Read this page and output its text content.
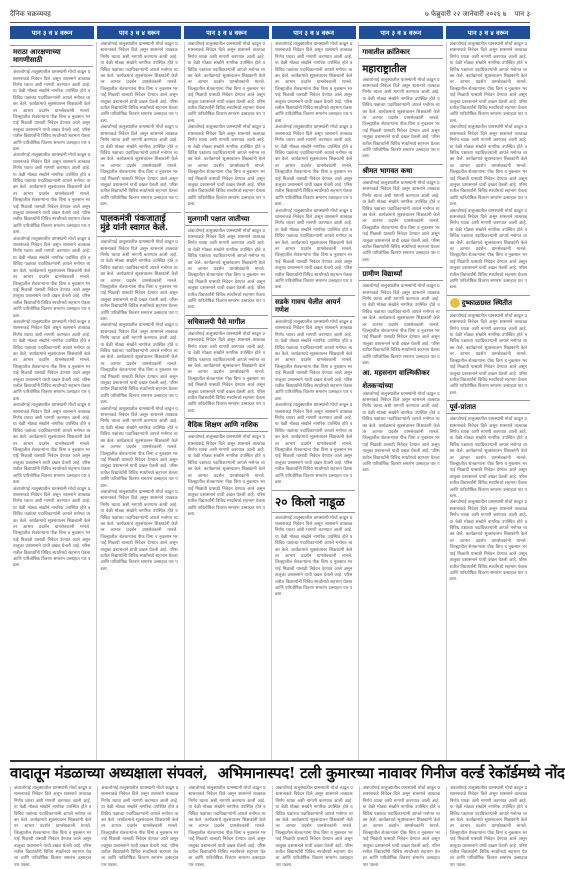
दैनिक चक्रव्यवह	७ फेब्रुवारी २२ जानेवारी २०२६ ७ पान ३
पान ३ व ४ वरून	पान ३ व ४ वरून	पान ३ व ४ वरून	पान ३ व ४ वरून	पान ३ व ४ वरून	पान ३ व ४ वरून
मराठा आरक्षणाच्या मागणीसाठी
अंबाजोगाई तालुक्यातील ग्रामस्थांनी मोर्चा काढून प्रशासनाकडे निवेदन दिले असून शासनाने तात्काळ निर्णय घ्यावा अशी मागणी करण्यात आली आहे. या वेळी मोठ्या संख्येने नागरिक उपस्थित होते व विविध पक्षांच्या पदाधिकाऱ्यांनी आपले मनोगत व्यक्त केले. कार्यक्रमाचे सूत्रसंचालन शिक्षकांनी केले तर आभार प्रदर्शन ग्रामसेवकांनी मानले. जिल्ह्यातील शेतकऱ्यांना पीक विमा व नुकसान भरपाई मिळावी यासाठी निवेदन देण्यात आले असून तालुका प्रशासनाने याची दखल घेतली आहे. परिसरातील विद्यार्थ्यांनी विविध स्पर्धांमध्ये सहभाग घेतला आणि पारितोषिक वितरण समारंभ उत्साहात पार पडला.
अंबाजोगाई तालुक्यातील ग्रामस्थांनी मोर्चा काढून प्रशासनाकडे निवेदन दिले असून शासनाने तात्काळ निर्णय घ्यावा अशी मागणी करण्यात आली आहे. या वेळी मोठ्या संख्येने नागरिक उपस्थित होते व विविध पक्षांच्या पदाधिकाऱ्यांनी आपले मनोगत व्यक्त केले. कार्यक्रमाचे सूत्रसंचालन शिक्षकांनी केले तर आभार प्रदर्शन ग्रामसेवकांनी मानले. जिल्ह्यातील शेतकऱ्यांना पीक विमा व नुकसान भरपाई मिळावी यासाठी निवेदन देण्यात आले असून तालुका प्रशासनाने याची दखल घेतली आहे. परिसरातील विद्यार्थ्यांनी विविध स्पर्धांमध्ये सहभाग घेतला आणि पारितोषिक वितरण समारंभ उत्साहात पार पडला.
अंबाजोगाई तालुक्यातील ग्रामस्थांनी मोर्चा काढून प्रशासनाकडे निवेदन दिले असून शासनाने तात्काळ निर्णय घ्यावा अशी मागणी करण्यात आली आहे. या वेळी मोठ्या संख्येने नागरिक उपस्थित होते व विविध पक्षांच्या पदाधिकाऱ्यांनी आपले मनोगत व्यक्त केले. कार्यक्रमाचे सूत्रसंचालन शिक्षकांनी केले तर आभार प्रदर्शन ग्रामसेवकांनी मानले. जिल्ह्यातील शेतकऱ्यांना पीक विमा व नुकसान भरपाई मिळावी यासाठी निवेदन देण्यात आले असून तालुका प्रशासनाने याची दखल घेतली आहे. परिसरातील विद्यार्थ्यांनी विविध स्पर्धांमध्ये सहभाग घेतला आणि पारितोषिक वितरण समारंभ उत्साहात पार पडला.
अंबाजोगाई तालुक्यातील ग्रामस्थांनी मोर्चा काढून प्रशासनाकडे निवेदन दिले असून शासनाने तात्काळ निर्णय घ्यावा अशी मागणी करण्यात आली आहे. या वेळी मोठ्या संख्येने नागरिक उपस्थित होते व विविध पक्षांच्या पदाधिकाऱ्यांनी आपले मनोगत व्यक्त केले. कार्यक्रमाचे सूत्रसंचालन शिक्षकांनी केले तर आभार प्रदर्शन ग्रामसेवकांनी मानले. जिल्ह्यातील शेतकऱ्यांना पीक विमा व नुकसान भरपाई मिळावी यासाठी निवेदन देण्यात आले असून तालुका प्रशासनाने याची दखल घेतली आहे. परिसरातील विद्यार्थ्यांनी विविध स्पर्धांमध्ये सहभाग घेतला आणि पारितोषिक वितरण समारंभ उत्साहात पार पडला.
अंबाजोगाई तालुक्यातील ग्रामस्थांनी मोर्चा काढून प्रशासनाकडे निवेदन दिले असून शासनाने तात्काळ निर्णय घ्यावा अशी मागणी करण्यात आली आहे. या वेळी मोठ्या संख्येने नागरिक उपस्थित होते व विविध पक्षांच्या पदाधिकाऱ्यांनी आपले मनोगत व्यक्त केले. कार्यक्रमाचे सूत्रसंचालन शिक्षकांनी केले तर आभार प्रदर्शन ग्रामसेवकांनी मानले. जिल्ह्यातील शेतकऱ्यांना पीक विमा व नुकसान भरपाई मिळावी यासाठी निवेदन देण्यात आले असून तालुका प्रशासनाने याची दखल घेतली आहे. परिसरातील विद्यार्थ्यांनी विविध स्पर्धांमध्ये सहभाग घेतला आणि पारितोषिक वितरण समारंभ उत्साहात पार पडला.
अंबाजोगाई तालुक्यातील ग्रामस्थांनी मोर्चा काढून प्रशासनाकडे निवेदन दिले असून शासनाने तात्काळ निर्णय घ्यावा अशी मागणी करण्यात आली आहे. या वेळी मोठ्या संख्येने नागरिक उपस्थित होते व विविध पक्षांच्या पदाधिकाऱ्यांनी आपले मनोगत व्यक्त केले. कार्यक्रमाचे सूत्रसंचालन शिक्षकांनी केले तर आभार प्रदर्शन ग्रामसेवकांनी मानले. जिल्ह्यातील शेतकऱ्यांना पीक विमा व नुकसान भरपाई मिळावी यासाठी निवेदन देण्यात आले असून तालुका प्रशासनाने याची दखल घेतली आहे. परिसरातील विद्यार्थ्यांनी विविध स्पर्धांमध्ये सहभाग घेतला आणि पारितोषिक वितरण समारंभ उत्साहात पार पडला.
अंबाजोगाई तालुक्यातील ग्रामस्थांनी मोर्चा काढून प्रशासनाकडे निवेदन दिले असून शासनाने तात्काळ निर्णय घ्यावा अशी मागणी करण्यात आली आहे. या वेळी मोठ्या संख्येने नागरिक उपस्थित होते व विविध पक्षांच्या पदाधिकाऱ्यांनी आपले मनोगत व्यक्त केले. कार्यक्रमाचे सूत्रसंचालन शिक्षकांनी केले तर आभार प्रदर्शन ग्रामसेवकांनी मानले. जिल्ह्यातील शेतकऱ्यांना पीक विमा व नुकसान भरपाई मिळावी यासाठी निवेदन देण्यात आले असून तालुका प्रशासनाने याची दखल घेतली आहे. परिसरातील विद्यार्थ्यांनी विविध स्पर्धांमध्ये सहभाग घेतला आणि पारितोषिक वितरण समारंभ उत्साहात पार पडला.
अंबाजोगाई तालुक्यातील ग्रामस्थांनी मोर्चा काढून प्रशासनाकडे निवेदन दिले असून शासनाने तात्काळ निर्णय घ्यावा अशी मागणी करण्यात आली आहे. या वेळी मोठ्या संख्येने नागरिक उपस्थित होते व विविध पक्षांच्या पदाधिकाऱ्यांनी आपले मनोगत व्यक्त केले. कार्यक्रमाचे सूत्रसंचालन शिक्षकांनी केले तर आभार प्रदर्शन ग्रामसेवकांनी मानले. जिल्ह्यातील शेतकऱ्यांना पीक विमा व नुकसान भरपाई मिळावी यासाठी निवेदन देण्यात आले असून तालुका प्रशासनाने याची दखल घेतली आहे. परिसरातील विद्यार्थ्यांनी विविध स्पर्धांमध्ये सहभाग घेतला आणि पारितोषिक वितरण समारंभ उत्साहात पार पडला.
पालकमंत्री पंकजाताई मुंडे यांनी स्वागत केले.
अंबाजोगाई तालुक्यातील ग्रामस्थांनी मोर्चा काढून प्रशासनाकडे निवेदन दिले असून शासनाने तात्काळ निर्णय घ्यावा अशी मागणी करण्यात आली आहे. या वेळी मोठ्या संख्येने नागरिक उपस्थित होते व विविध पक्षांच्या पदाधिकाऱ्यांनी आपले मनोगत व्यक्त केले. कार्यक्रमाचे सूत्रसंचालन शिक्षकांनी केले तर आभार प्रदर्शन ग्रामसेवकांनी मानले. जिल्ह्यातील शेतकऱ्यांना पीक विमा व नुकसान भरपाई मिळावी यासाठी निवेदन देण्यात आले असून तालुका प्रशासनाने याची दखल घेतली आहे. परिसरातील विद्यार्थ्यांनी विविध स्पर्धांमध्ये सहभाग घेतला आणि पारितोषिक वितरण समारंभ उत्साहात पार पडला.
अंबाजोगाई तालुक्यातील ग्रामस्थांनी मोर्चा काढून प्रशासनाकडे निवेदन दिले असून शासनाने तात्काळ निर्णय घ्यावा अशी मागणी करण्यात आली आहे. या वेळी मोठ्या संख्येने नागरिक उपस्थित होते व विविध पक्षांच्या पदाधिकाऱ्यांनी आपले मनोगत व्यक्त केले. कार्यक्रमाचे सूत्रसंचालन शिक्षकांनी केले तर आभार प्रदर्शन ग्रामसेवकांनी मानले. जिल्ह्यातील शेतकऱ्यांना पीक विमा व नुकसान भरपाई मिळावी यासाठी निवेदन देण्यात आले असून तालुका प्रशासनाने याची दखल घेतली आहे. परिसरातील विद्यार्थ्यांनी विविध स्पर्धांमध्ये सहभाग घेतला आणि पारितोषिक वितरण समारंभ उत्साहात पार पडला.
अंबाजोगाई तालुक्यातील ग्रामस्थांनी मोर्चा काढून प्रशासनाकडे निवेदन दिले असून शासनाने तात्काळ निर्णय घ्यावा अशी मागणी करण्यात आली आहे. या वेळी मोठ्या संख्येने नागरिक उपस्थित होते व विविध पक्षांच्या पदाधिकाऱ्यांनी आपले मनोगत व्यक्त केले. कार्यक्रमाचे सूत्रसंचालन शिक्षकांनी केले तर आभार प्रदर्शन ग्रामसेवकांनी मानले. जिल्ह्यातील शेतकऱ्यांना पीक विमा व नुकसान भरपाई मिळावी यासाठी निवेदन देण्यात आले असून तालुका प्रशासनाने याची दखल घेतली आहे. परिसरातील विद्यार्थ्यांनी विविध स्पर्धांमध्ये सहभाग घेतला आणि पारितोषिक वितरण समारंभ उत्साहात पार पडला.
अंबाजोगाई तालुक्यातील ग्रामस्थांनी मोर्चा काढून प्रशासनाकडे निवेदन दिले असून शासनाने तात्काळ निर्णय घ्यावा अशी मागणी करण्यात आली आहे. या वेळी मोठ्या संख्येने नागरिक उपस्थित होते व विविध पक्षांच्या पदाधिकाऱ्यांनी आपले मनोगत व्यक्त केले. कार्यक्रमाचे सूत्रसंचालन शिक्षकांनी केले तर आभार प्रदर्शन ग्रामसेवकांनी मानले. जिल्ह्यातील शेतकऱ्यांना पीक विमा व नुकसान भरपाई मिळावी यासाठी निवेदन देण्यात आले असून तालुका प्रशासनाने याची दखल घेतली आहे. परिसरातील विद्यार्थ्यांनी विविध स्पर्धांमध्ये सहभाग घेतला आणि पारितोषिक वितरण समारंभ उत्साहात पार पडला.
अंबाजोगाई तालुक्यातील ग्रामस्थांनी मोर्चा काढून प्रशासनाकडे निवेदन दिले असून शासनाने तात्काळ निर्णय घ्यावा अशी मागणी करण्यात आली आहे. या वेळी मोठ्या संख्येने नागरिक उपस्थित होते व विविध पक्षांच्या पदाधिकाऱ्यांनी आपले मनोगत व्यक्त केले. कार्यक्रमाचे सूत्रसंचालन शिक्षकांनी केले तर आभार प्रदर्शन ग्रामसेवकांनी मानले. जिल्ह्यातील शेतकऱ्यांना पीक विमा व नुकसान भरपाई मिळावी यासाठी निवेदन देण्यात आले असून तालुका प्रशासनाने याची दखल घेतली आहे. परिसरातील विद्यार्थ्यांनी विविध स्पर्धांमध्ये सहभाग घेतला आणि पारितोषिक वितरण समारंभ उत्साहात पार पडला.
अंबाजोगाई तालुक्यातील ग्रामस्थांनी मोर्चा काढून प्रशासनाकडे निवेदन दिले असून शासनाने तात्काळ निर्णय घ्यावा अशी मागणी करण्यात आली आहे. या वेळी मोठ्या संख्येने नागरिक उपस्थित होते व विविध पक्षांच्या पदाधिकाऱ्यांनी आपले मनोगत व्यक्त केले. कार्यक्रमाचे सूत्रसंचालन शिक्षकांनी केले तर आभार प्रदर्शन ग्रामसेवकांनी मानले. जिल्ह्यातील शेतकऱ्यांना पीक विमा व नुकसान भरपाई मिळावी यासाठी निवेदन देण्यात आले असून तालुका प्रशासनाने याची दखल घेतली आहे. परिसरातील विद्यार्थ्यांनी विविध स्पर्धांमध्ये सहभाग घेतला आणि पारितोषिक वितरण समारंभ उत्साहात पार पडला.
मुलगामी पक्षात जातीच्या
अंबाजोगाई तालुक्यातील ग्रामस्थांनी मोर्चा काढून प्रशासनाकडे निवेदन दिले असून शासनाने तात्काळ निर्णय घ्यावा अशी मागणी करण्यात आली आहे. या वेळी मोठ्या संख्येने नागरिक उपस्थित होते व विविध पक्षांच्या पदाधिकाऱ्यांनी आपले मनोगत व्यक्त केले. कार्यक्रमाचे सूत्रसंचालन शिक्षकांनी केले तर आभार प्रदर्शन ग्रामसेवकांनी मानले. जिल्ह्यातील शेतकऱ्यांना पीक विमा व नुकसान भरपाई मिळावी यासाठी निवेदन देण्यात आले असून तालुका प्रशासनाने याची दखल घेतली आहे. परिसरातील विद्यार्थ्यांनी विविध स्पर्धांमध्ये सहभाग घेतला आणि पारितोषिक वितरण समारंभ उत्साहात पार पडला.
सचिवालयी पैसे मागील
अंबाजोगाई तालुक्यातील ग्रामस्थांनी मोर्चा काढून प्रशासनाकडे निवेदन दिले असून शासनाने तात्काळ निर्णय घ्यावा अशी मागणी करण्यात आली आहे. या वेळी मोठ्या संख्येने नागरिक उपस्थित होते व विविध पक्षांच्या पदाधिकाऱ्यांनी आपले मनोगत व्यक्त केले. कार्यक्रमाचे सूत्रसंचालन शिक्षकांनी केले तर आभार प्रदर्शन ग्रामसेवकांनी मानले. जिल्ह्यातील शेतकऱ्यांना पीक विमा व नुकसान भरपाई मिळावी यासाठी निवेदन देण्यात आले असून तालुका प्रशासनाने याची दखल घेतली आहे. परिसरातील विद्यार्थ्यांनी विविध स्पर्धांमध्ये सहभाग घेतला आणि पारितोषिक वितरण समारंभ उत्साहात पार पडला.
वैदिक शिक्षण आणि नाशिक
अंबाजोगाई तालुक्यातील ग्रामस्थांनी मोर्चा काढून प्रशासनाकडे निवेदन दिले असून शासनाने तात्काळ निर्णय घ्यावा अशी मागणी करण्यात आली आहे. या वेळी मोठ्या संख्येने नागरिक उपस्थित होते व विविध पक्षांच्या पदाधिकाऱ्यांनी आपले मनोगत व्यक्त केले. कार्यक्रमाचे सूत्रसंचालन शिक्षकांनी केले तर आभार प्रदर्शन ग्रामसेवकांनी मानले. जिल्ह्यातील शेतकऱ्यांना पीक विमा व नुकसान भरपाई मिळावी यासाठी निवेदन देण्यात आले असून तालुका प्रशासनाने याची दखल घेतली आहे. परिसरातील विद्यार्थ्यांनी विविध स्पर्धांमध्ये सहभाग घेतला आणि पारितोषिक वितरण समारंभ उत्साहात पार पडला.
अंबाजोगाई तालुक्यातील ग्रामस्थांनी मोर्चा काढून प्रशासनाकडे निवेदन दिले असून शासनाने तात्काळ निर्णय घ्यावा अशी मागणी करण्यात आली आहे. या वेळी मोठ्या संख्येने नागरिक उपस्थित होते व विविध पक्षांच्या पदाधिकाऱ्यांनी आपले मनोगत व्यक्त केले. कार्यक्रमाचे सूत्रसंचालन शिक्षकांनी केले तर आभार प्रदर्शन ग्रामसेवकांनी मानले. जिल्ह्यातील शेतकऱ्यांना पीक विमा व नुकसान भरपाई मिळावी यासाठी निवेदन देण्यात आले असून तालुका प्रशासनाने याची दखल घेतली आहे. परिसरातील विद्यार्थ्यांनी विविध स्पर्धांमध्ये सहभाग घेतला आणि पारितोषिक वितरण समारंभ उत्साहात पार पडला.
अंबाजोगाई तालुक्यातील ग्रामस्थांनी मोर्चा काढून प्रशासनाकडे निवेदन दिले असून शासनाने तात्काळ निर्णय घ्यावा अशी मागणी करण्यात आली आहे. या वेळी मोठ्या संख्येने नागरिक उपस्थित होते व विविध पक्षांच्या पदाधिकाऱ्यांनी आपले मनोगत व्यक्त केले. कार्यक्रमाचे सूत्रसंचालन शिक्षकांनी केले तर आभार प्रदर्शन ग्रामसेवकांनी मानले. जिल्ह्यातील शेतकऱ्यांना पीक विमा व नुकसान भरपाई मिळावी यासाठी निवेदन देण्यात आले असून तालुका प्रशासनाने याची दखल घेतली आहे. परिसरातील विद्यार्थ्यांनी विविध स्पर्धांमध्ये सहभाग घेतला आणि पारितोषिक वितरण समारंभ उत्साहात पार पडला.
अंबाजोगाई तालुक्यातील ग्रामस्थांनी मोर्चा काढून प्रशासनाकडे निवेदन दिले असून शासनाने तात्काळ निर्णय घ्यावा अशी मागणी करण्यात आली आहे. या वेळी मोठ्या संख्येने नागरिक उपस्थित होते व विविध पक्षांच्या पदाधिकाऱ्यांनी आपले मनोगत व्यक्त केले. कार्यक्रमाचे सूत्रसंचालन शिक्षकांनी केले तर आभार प्रदर्शन ग्रामसेवकांनी मानले. जिल्ह्यातील शेतकऱ्यांना पीक विमा व नुकसान भरपाई मिळावी यासाठी निवेदन देण्यात आले असून तालुका प्रशासनाने याची दखल घेतली आहे. परिसरातील विद्यार्थ्यांनी विविध स्पर्धांमध्ये सहभाग घेतला आणि पारितोषिक वितरण समारंभ उत्साहात पार पडला.
सडके गावच चेलीत आयर्न गणेश
अंबाजोगाई तालुक्यातील ग्रामस्थांनी मोर्चा काढून प्रशासनाकडे निवेदन दिले असून शासनाने तात्काळ निर्णय घ्यावा अशी मागणी करण्यात आली आहे. या वेळी मोठ्या संख्येने नागरिक उपस्थित होते व विविध पक्षांच्या पदाधिकाऱ्यांनी आपले मनोगत व्यक्त केले. कार्यक्रमाचे सूत्रसंचालन शिक्षकांनी केले तर आभार प्रदर्शन ग्रामसेवकांनी मानले. जिल्ह्यातील शेतकऱ्यांना पीक विमा व नुकसान भरपाई मिळावी यासाठी निवेदन देण्यात आले असून तालुका प्रशासनाने याची दखल घेतली आहे. परिसरातील विद्यार्थ्यांनी विविध स्पर्धांमध्ये सहभाग घेतला आणि पारितोषिक वितरण समारंभ उत्साहात पार पडला.
अंबाजोगाई तालुक्यातील ग्रामस्थांनी मोर्चा काढून प्रशासनाकडे निवेदन दिले असून शासनाने तात्काळ निर्णय घ्यावा अशी मागणी करण्यात आली आहे. या वेळी मोठ्या संख्येने नागरिक उपस्थित होते व विविध पक्षांच्या पदाधिकाऱ्यांनी आपले मनोगत व्यक्त केले. कार्यक्रमाचे सूत्रसंचालन शिक्षकांनी केले तर आभार प्रदर्शन ग्रामसेवकांनी मानले. जिल्ह्यातील शेतकऱ्यांना पीक विमा व नुकसान भरपाई मिळावी यासाठी निवेदन देण्यात आले असून तालुका प्रशासनाने याची दखल घेतली आहे. परिसरातील विद्यार्थ्यांनी विविध स्पर्धांमध्ये सहभाग घेतला आणि पारितोषिक वितरण समारंभ उत्साहात पार पडला.
२० किलो नाडूळ
अंबाजोगाई तालुक्यातील ग्रामस्थांनी मोर्चा काढून प्रशासनाकडे निवेदन दिले असून शासनाने तात्काळ निर्णय घ्यावा अशी मागणी करण्यात आली आहे. या वेळी मोठ्या संख्येने नागरिक उपस्थित होते व विविध पक्षांच्या पदाधिकाऱ्यांनी आपले मनोगत व्यक्त केले. कार्यक्रमाचे सूत्रसंचालन शिक्षकांनी केले तर आभार प्रदर्शन ग्रामसेवकांनी मानले. जिल्ह्यातील शेतकऱ्यांना पीक विमा व नुकसान भरपाई मिळावी यासाठी निवेदन देण्यात आले असून तालुका प्रशासनाने याची दखल घेतली आहे. परिसरातील विद्यार्थ्यांनी विविध स्पर्धांमध्ये सहभाग घेतला आणि पारितोषिक वितरण समारंभ उत्साहात पार पडला.
गावातील क्रांतिकार
महाराष्ट्रातील
अंबाजोगाई तालुक्यातील ग्रामस्थांनी मोर्चा काढून प्रशासनाकडे निवेदन दिले असून शासनाने तात्काळ निर्णय घ्यावा अशी मागणी करण्यात आली आहे. या वेळी मोठ्या संख्येने नागरिक उपस्थित होते व विविध पक्षांच्या पदाधिकाऱ्यांनी आपले मनोगत व्यक्त केले. कार्यक्रमाचे सूत्रसंचालन शिक्षकांनी केले तर आभार प्रदर्शन ग्रामसेवकांनी मानले. जिल्ह्यातील शेतकऱ्यांना पीक विमा व नुकसान भरपाई मिळावी यासाठी निवेदन देण्यात आले असून तालुका प्रशासनाने याची दखल घेतली आहे. परिसरातील विद्यार्थ्यांनी विविध स्पर्धांमध्ये सहभाग घेतला आणि पारितोषिक वितरण समारंभ उत्साहात पार पडला.
श्रीमत भागवत कथा
अंबाजोगाई तालुक्यातील ग्रामस्थांनी मोर्चा काढून प्रशासनाकडे निवेदन दिले असून शासनाने तात्काळ निर्णय घ्यावा अशी मागणी करण्यात आली आहे. या वेळी मोठ्या संख्येने नागरिक उपस्थित होते व विविध पक्षांच्या पदाधिकाऱ्यांनी आपले मनोगत व्यक्त केले. कार्यक्रमाचे सूत्रसंचालन शिक्षकांनी केले तर आभार प्रदर्शन ग्रामसेवकांनी मानले. जिल्ह्यातील शेतकऱ्यांना पीक विमा व नुकसान भरपाई मिळावी यासाठी निवेदन देण्यात आले असून तालुका प्रशासनाने याची दखल घेतली आहे. परिसरातील विद्यार्थ्यांनी विविध स्पर्धांमध्ये सहभाग घेतला आणि पारितोषिक वितरण समारंभ उत्साहात पार पडला.
ग्रामीण विद्यार्थ्यां
अंबाजोगाई तालुक्यातील ग्रामस्थांनी मोर्चा काढून प्रशासनाकडे निवेदन दिले असून शासनाने तात्काळ निर्णय घ्यावा अशी मागणी करण्यात आली आहे. या वेळी मोठ्या संख्येने नागरिक उपस्थित होते व विविध पक्षांच्या पदाधिकाऱ्यांनी आपले मनोगत व्यक्त केले. कार्यक्रमाचे सूत्रसंचालन शिक्षकांनी केले तर आभार प्रदर्शन ग्रामसेवकांनी मानले. जिल्ह्यातील शेतकऱ्यांना पीक विमा व नुकसान भरपाई मिळावी यासाठी निवेदन देण्यात आले असून तालुका प्रशासनाने याची दखल घेतली आहे. परिसरातील विद्यार्थ्यांनी विविध स्पर्धांमध्ये सहभाग घेतला आणि पारितोषिक वितरण समारंभ उत्साहात पार पडला.
आ. महसनाग वाल्मिकीकर
शेतकऱ्यांच्या
अंबाजोगाई तालुक्यातील ग्रामस्थांनी मोर्चा काढून प्रशासनाकडे निवेदन दिले असून शासनाने तात्काळ निर्णय घ्यावा अशी मागणी करण्यात आली आहे. या वेळी मोठ्या संख्येने नागरिक उपस्थित होते व विविध पक्षांच्या पदाधिकाऱ्यांनी आपले मनोगत व्यक्त केले. कार्यक्रमाचे सूत्रसंचालन शिक्षकांनी केले तर आभार प्रदर्शन ग्रामसेवकांनी मानले. जिल्ह्यातील शेतकऱ्यांना पीक विमा व नुकसान भरपाई मिळावी यासाठी निवेदन देण्यात आले असून तालुका प्रशासनाने याची दखल घेतली आहे. परिसरातील विद्यार्थ्यांनी विविध स्पर्धांमध्ये सहभाग घेतला आणि पारितोषिक वितरण समारंभ उत्साहात पार पडला.
अंबाजोगाई तालुक्यातील ग्रामस्थांनी मोर्चा काढून प्रशासनाकडे निवेदन दिले असून शासनाने तात्काळ निर्णय घ्यावा अशी मागणी करण्यात आली आहे. या वेळी मोठ्या संख्येने नागरिक उपस्थित होते व विविध पक्षांच्या पदाधिकाऱ्यांनी आपले मनोगत व्यक्त केले. कार्यक्रमाचे सूत्रसंचालन शिक्षकांनी केले तर आभार प्रदर्शन ग्रामसेवकांनी मानले. जिल्ह्यातील शेतकऱ्यांना पीक विमा व नुकसान भरपाई मिळावी यासाठी निवेदन देण्यात आले असून तालुका प्रशासनाने याची दखल घेतली आहे. परिसरातील विद्यार्थ्यांनी विविध स्पर्धांमध्ये सहभाग घेतला आणि पारितोषिक वितरण समारंभ उत्साहात पार पडला.
अंबाजोगाई तालुक्यातील ग्रामस्थांनी मोर्चा काढून प्रशासनाकडे निवेदन दिले असून शासनाने तात्काळ निर्णय घ्यावा अशी मागणी करण्यात आली आहे. या वेळी मोठ्या संख्येने नागरिक उपस्थित होते व विविध पक्षांच्या पदाधिकाऱ्यांनी आपले मनोगत व्यक्त केले. कार्यक्रमाचे सूत्रसंचालन शिक्षकांनी केले तर आभार प्रदर्शन ग्रामसेवकांनी मानले. जिल्ह्यातील शेतकऱ्यांना पीक विमा व नुकसान भरपाई मिळावी यासाठी निवेदन देण्यात आले असून तालुका प्रशासनाने याची दखल घेतली आहे. परिसरातील विद्यार्थ्यांनी विविध स्पर्धांमध्ये सहभाग घेतला आणि पारितोषिक वितरण समारंभ उत्साहात पार पडला.
अंबाजोगाई तालुक्यातील ग्रामस्थांनी मोर्चा काढून प्रशासनाकडे निवेदन दिले असून शासनाने तात्काळ निर्णय घ्यावा अशी मागणी करण्यात आली आहे. या वेळी मोठ्या संख्येने नागरिक उपस्थित होते व विविध पक्षांच्या पदाधिकाऱ्यांनी आपले मनोगत व्यक्त केले. कार्यक्रमाचे सूत्रसंचालन शिक्षकांनी केले तर आभार प्रदर्शन ग्रामसेवकांनी मानले. जिल्ह्यातील शेतकऱ्यांना पीक विमा व नुकसान भरपाई मिळावी यासाठी निवेदन देण्यात आले असून तालुका प्रशासनाने याची दखल घेतली आहे. परिसरातील विद्यार्थ्यांनी विविध स्पर्धांमध्ये सहभाग घेतला आणि पारितोषिक वितरण समारंभ उत्साहात पार पडला.
दुष्काळग्रस्त स्थितीत
अंबाजोगाई तालुक्यातील ग्रामस्थांनी मोर्चा काढून प्रशासनाकडे निवेदन दिले असून शासनाने तात्काळ निर्णय घ्यावा अशी मागणी करण्यात आली आहे. या वेळी मोठ्या संख्येने नागरिक उपस्थित होते व विविध पक्षांच्या पदाधिकाऱ्यांनी आपले मनोगत व्यक्त केले. कार्यक्रमाचे सूत्रसंचालन शिक्षकांनी केले तर आभार प्रदर्शन ग्रामसेवकांनी मानले. जिल्ह्यातील शेतकऱ्यांना पीक विमा व नुकसान भरपाई मिळावी यासाठी निवेदन देण्यात आले असून तालुका प्रशासनाने याची दखल घेतली आहे. परिसरातील विद्यार्थ्यांनी विविध स्पर्धांमध्ये सहभाग घेतला आणि पारितोषिक वितरण समारंभ उत्साहात पार पडला.
पूर्व-प्रांतात
अंबाजोगाई तालुक्यातील ग्रामस्थांनी मोर्चा काढून प्रशासनाकडे निवेदन दिले असून शासनाने तात्काळ निर्णय घ्यावा अशी मागणी करण्यात आली आहे. या वेळी मोठ्या संख्येने नागरिक उपस्थित होते व विविध पक्षांच्या पदाधिकाऱ्यांनी आपले मनोगत व्यक्त केले. कार्यक्रमाचे सूत्रसंचालन शिक्षकांनी केले तर आभार प्रदर्शन ग्रामसेवकांनी मानले. जिल्ह्यातील शेतकऱ्यांना पीक विमा व नुकसान भरपाई मिळावी यासाठी निवेदन देण्यात आले असून तालुका प्रशासनाने याची दखल घेतली आहे. परिसरातील विद्यार्थ्यांनी विविध स्पर्धांमध्ये सहभाग घेतला आणि पारितोषिक वितरण समारंभ उत्साहात पार पडला.
अंबाजोगाई तालुक्यातील ग्रामस्थांनी मोर्चा काढून प्रशासनाकडे निवेदन दिले असून शासनाने तात्काळ निर्णय घ्यावा अशी मागणी करण्यात आली आहे. या वेळी मोठ्या संख्येने नागरिक उपस्थित होते व विविध पक्षांच्या पदाधिकाऱ्यांनी आपले मनोगत व्यक्त केले. कार्यक्रमाचे सूत्रसंचालन शिक्षकांनी केले तर आभार प्रदर्शन ग्रामसेवकांनी मानले. जिल्ह्यातील शेतकऱ्यांना पीक विमा व नुकसान भरपाई मिळावी यासाठी निवेदन देण्यात आले असून तालुका प्रशासनाने याची दखल घेतली आहे. परिसरातील विद्यार्थ्यांनी विविध स्पर्धांमध्ये सहभाग घेतला आणि पारितोषिक वितरण समारंभ उत्साहात पार पडला.
वादातून मंडळाच्या अध्यक्षाला संपवलं, अभिमानास्पद! टली कुमारच्या नावावर गिनीज वर्ल्ड रेकॉर्डमध्ये नोंद
अंबाजोगाई तालुक्यातील ग्रामस्थांनी मोर्चा काढून प्रशासनाकडे निवेदन दिले असून शासनाने तात्काळ निर्णय घ्यावा अशी मागणी करण्यात आली आहे. या वेळी मोठ्या संख्येने नागरिक उपस्थित होते व विविध पक्षांच्या पदाधिकाऱ्यांनी आपले मनोगत व्यक्त केले. कार्यक्रमाचे सूत्रसंचालन शिक्षकांनी केले तर आभार प्रदर्शन ग्रामसेवकांनी मानले. जिल्ह्यातील शेतकऱ्यांना पीक विमा व नुकसान भरपाई मिळावी यासाठी निवेदन देण्यात आले असून तालुका प्रशासनाने याची दखल घेतली आहे. परिसरातील विद्यार्थ्यांनी विविध स्पर्धांमध्ये सहभाग घेतला आणि पारितोषिक वितरण समारंभ उत्साहात पार पडला.
अंबाजोगाई तालुक्यातील ग्रामस्थांनी मोर्चा काढून प्रशासनाकडे निवेदन दिले असून शासनाने तात्काळ निर्णय घ्यावा अशी मागणी करण्यात आली आहे. या वेळी मोठ्या संख्येने नागरिक उपस्थित होते व विविध पक्षांच्या पदाधिकाऱ्यांनी आपले मनोगत व्यक्त केले. कार्यक्रमाचे सूत्रसंचालन शिक्षकांनी केले तर आभार प्रदर्शन ग्रामसेवकांनी मानले. जिल्ह्यातील शेतकऱ्यांना पीक विमा व नुकसान भरपाई मिळावी यासाठी निवेदन देण्यात आले असून तालुका प्रशासनाने याची दखल घेतली आहे. परिसरातील विद्यार्थ्यांनी विविध स्पर्धांमध्ये सहभाग घेतला आणि पारितोषिक वितरण समारंभ उत्साहात पार पडला.
अंबाजोगाई तालुक्यातील ग्रामस्थांनी मोर्चा काढून प्रशासनाकडे निवेदन दिले असून शासनाने तात्काळ निर्णय घ्यावा अशी मागणी करण्यात आली आहे. या वेळी मोठ्या संख्येने नागरिक उपस्थित होते व विविध पक्षांच्या पदाधिकाऱ्यांनी आपले मनोगत व्यक्त केले. कार्यक्रमाचे सूत्रसंचालन शिक्षकांनी केले तर आभार प्रदर्शन ग्रामसेवकांनी मानले. जिल्ह्यातील शेतकऱ्यांना पीक विमा व नुकसान भरपाई मिळावी यासाठी निवेदन देण्यात आले असून तालुका प्रशासनाने याची दखल घेतली आहे. परिसरातील विद्यार्थ्यांनी विविध स्पर्धांमध्ये सहभाग घेतला आणि पारितोषिक वितरण समारंभ उत्साहात पार पडला.
अंबाजोगाई तालुक्यातील ग्रामस्थांनी मोर्चा काढून प्रशासनाकडे निवेदन दिले असून शासनाने तात्काळ निर्णय घ्यावा अशी मागणी करण्यात आली आहे. या वेळी मोठ्या संख्येने नागरिक उपस्थित होते व विविध पक्षांच्या पदाधिकाऱ्यांनी आपले मनोगत व्यक्त केले. कार्यक्रमाचे सूत्रसंचालन शिक्षकांनी केले तर आभार प्रदर्शन ग्रामसेवकांनी मानले. जिल्ह्यातील शेतकऱ्यांना पीक विमा व नुकसान भरपाई मिळावी यासाठी निवेदन देण्यात आले असून तालुका प्रशासनाने याची दखल घेतली आहे. परिसरातील विद्यार्थ्यांनी विविध स्पर्धांमध्ये सहभाग घेतला आणि पारितोषिक वितरण समारंभ उत्साहात पार पडला.
अंबाजोगाई तालुक्यातील ग्रामस्थांनी मोर्चा काढून प्रशासनाकडे निवेदन दिले असून शासनाने तात्काळ निर्णय घ्यावा अशी मागणी करण्यात आली आहे. या वेळी मोठ्या संख्येने नागरिक उपस्थित होते व विविध पक्षांच्या पदाधिकाऱ्यांनी आपले मनोगत व्यक्त केले. कार्यक्रमाचे सूत्रसंचालन शिक्षकांनी केले तर आभार प्रदर्शन ग्रामसेवकांनी मानले. जिल्ह्यातील शेतकऱ्यांना पीक विमा व नुकसान भरपाई मिळावी यासाठी निवेदन देण्यात आले असून तालुका प्रशासनाने याची दखल घेतली आहे. परिसरातील विद्यार्थ्यांनी विविध स्पर्धांमध्ये सहभाग घेतला आणि पारितोषिक वितरण समारंभ उत्साहात पार पडला.
अंबाजोगाई तालुक्यातील ग्रामस्थांनी मोर्चा काढून प्रशासनाकडे निवेदन दिले असून शासनाने तात्काळ निर्णय घ्यावा अशी मागणी करण्यात आली आहे. या वेळी मोठ्या संख्येने नागरिक उपस्थित होते व विविध पक्षांच्या पदाधिकाऱ्यांनी आपले मनोगत व्यक्त केले. कार्यक्रमाचे सूत्रसंचालन शिक्षकांनी केले तर आभार प्रदर्शन ग्रामसेवकांनी मानले. जिल्ह्यातील शेतकऱ्यांना पीक विमा व नुकसान भरपाई मिळावी यासाठी निवेदन देण्यात आले असून तालुका प्रशासनाने याची दखल घेतली आहे. परिसरातील विद्यार्थ्यांनी विविध स्पर्धांमध्ये सहभाग घेतला आणि पारितोषिक वितरण समारंभ उत्साहात पार पडला.
